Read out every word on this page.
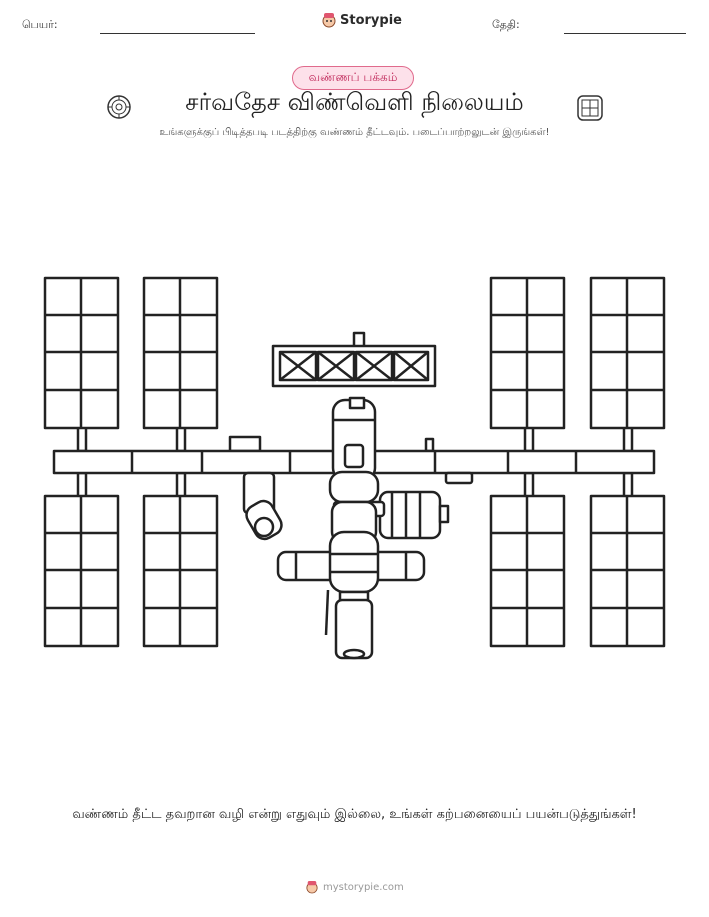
பெயர்:	Storypie	தேதி:
வண்ணப் பக்கம்
சர்வதேச விண்வெளி நிலையம்
உங்களுக்குப் பிடித்தபடி படத்திற்கு வண்ணம் தீட்டவும். படைப்பாற்றலுடன் இருங்கள்!
வண்ணம் தீட்ட தவறான வழி என்று எதுவும் இல்லை, உங்கள் கற்பனையைப் பயன்படுத்துங்கள்!
mystorypie.com
